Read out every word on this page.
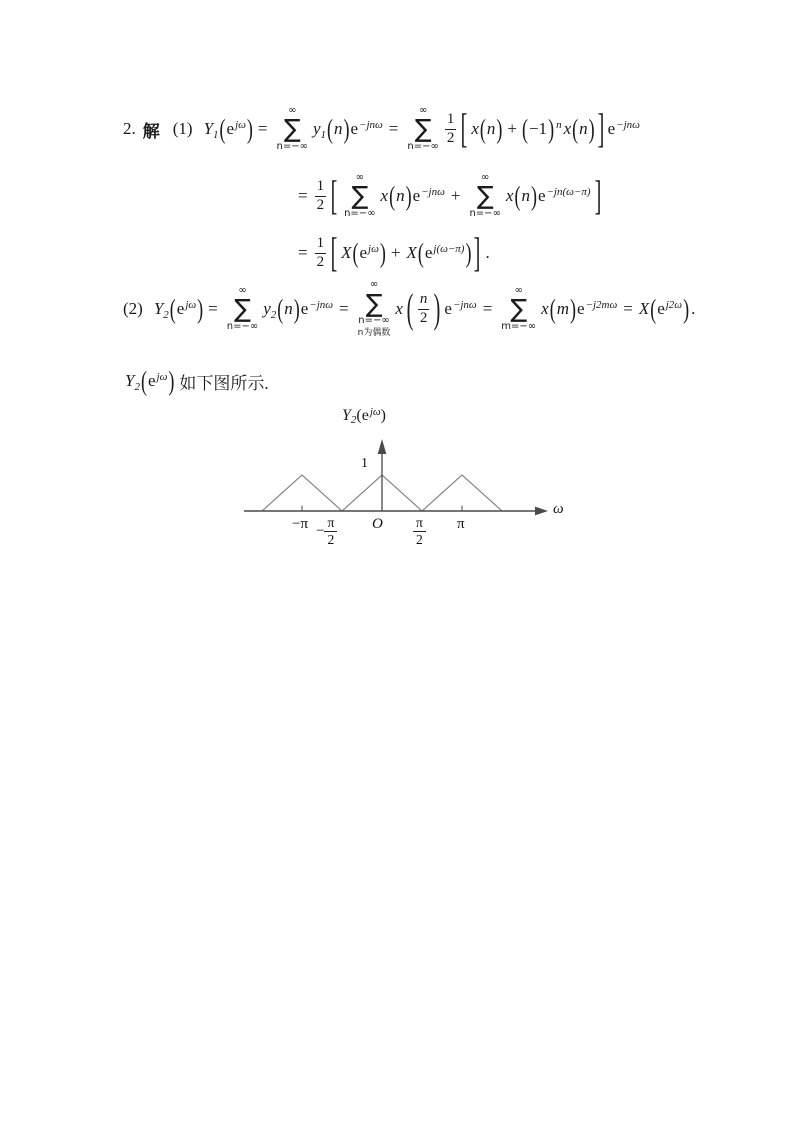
2. 解 (1) Y1 ( ejω ) =
∞
∑
n=−∞
y1 ( n ) e−jnω =
∞
∑
$n=-\infty \frac{1}{2}$ [ x ( n ) + ( −1 ) n x ( n ) ] e−jnω
= $\frac{1}{2}$ [ ∞
∑
n=−∞
x ( n ) e−jnω +
∞
∑
n=−∞
x ( n ) e−jn(ω−π) ]
= $\frac{1}{2}$ [ X ( ejω ) + X ( ej(ω−π) ) ] .
(2) Y2 ( ejω ) =
∞
∑
n=−∞
y2 ( n ) e−jnω =
∞
∑
n=−∞
n为偶数
x ( $\frac{n}{2}$ ) e−jnω =
∞
∑
m=−∞
x ( m ) e−j2mω = X ( ej2ω ) .
Y2 ( ejω ) 如下图所示.
Y2(ejω)
1
$-\pi - \frac{\pi}{2}$ O $\frac{\pi}{2}$ π
ω
